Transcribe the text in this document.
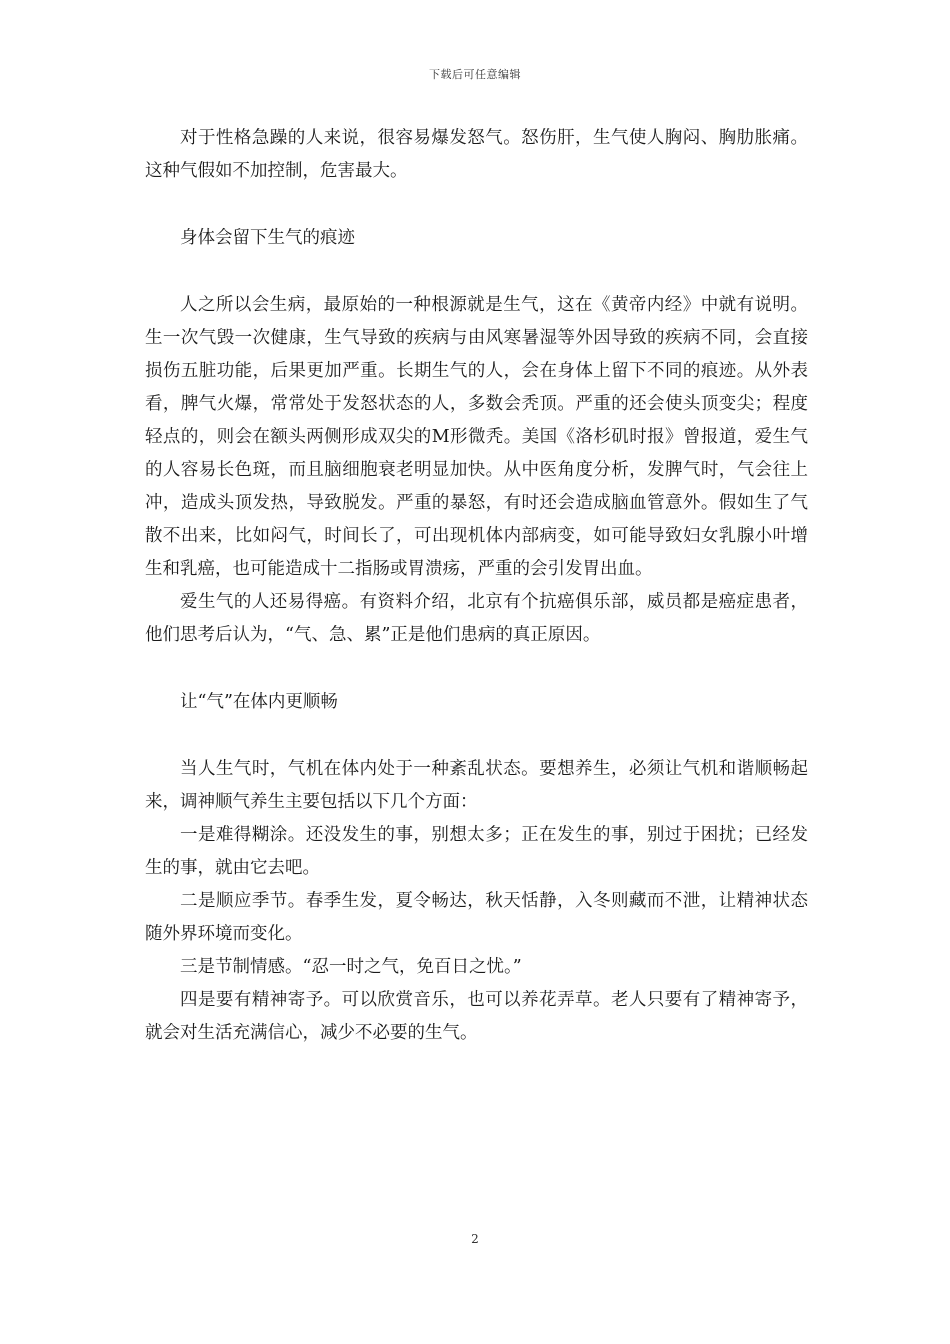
下载后可任意编辑

对于性格急躁的人来说，很容易爆发怒气。怒伤肝，生气使人胸闷、胸肋胀痛。这种气假如不加控制，危害最大。

身体会留下生气的痕迹

人之所以会生病，最原始的一种根源就是生气，这在《黄帝内经》中就有说明。生一次气毁一次健康，生气导致的疾病与由风寒暑湿等外因导致的疾病不同，会直接损伤五脏功能，后果更加严重。长期生气的人，会在身体上留下不同的痕迹。从外表看，脾气火爆，常常处于发怒状态的人，多数会秃顶。严重的还会使头顶变尖；程度轻点的，则会在额头两侧形成双尖的M形微秃。美国《洛杉矶时报》曾报道，爱生气的人容易长色斑，而且脑细胞衰老明显加快。从中医角度分析，发脾气时，气会往上冲，造成头顶发热，导致脱发。严重的暴怒，有时还会造成脑血管意外。假如生了气散不出来，比如闷气，时间长了，可出现机体内部病变，如可能导致妇女乳腺小叶增生和乳癌，也可能造成十二指肠或胃溃疡，严重的会引发胃出血。

爱生气的人还易得癌。有资料介绍，北京有个抗癌俱乐部，威员都是癌症患者，他们思考后认为，“气、急、累”正是他们患病的真正原因。

让“气”在体内更顺畅

当人生气时，气机在体内处于一种紊乱状态。要想养生，必须让气机和谐顺畅起来，调神顺气养生主要包括以下几个方面：

一是难得糊涂。还没发生的事，别想太多；正在发生的事，别过于困扰；已经发生的事，就由它去吧。

二是顺应季节。春季生发，夏令畅达，秋天恬静，入冬则藏而不泄，让精神状态随外界环境而变化。

三是节制情感。“忍一时之气，免百日之忧。”

四是要有精神寄予。可以欣赏音乐，也可以养花弄草。老人只要有了精神寄予，就会对生活充满信心，减少不必要的生气。

2
